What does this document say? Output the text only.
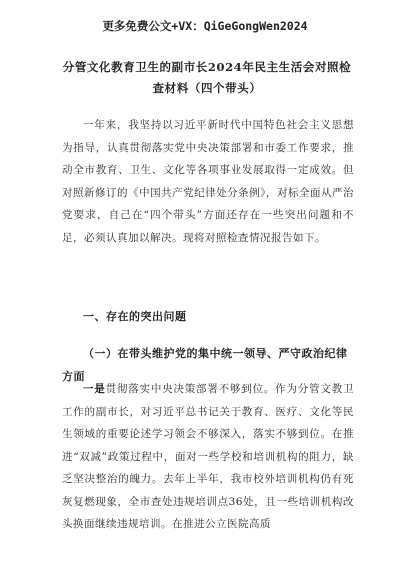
更多免费公文+VX：QiGeGongWen2024
分管文化教育卫生的副市长2024年民主生活会对照检查材料（四个带头）
一年来，我坚持以习近平新时代中国特色社会主义思想为指导，认真贯彻落实党中央决策部署和市委工作要求，推动全市教育、卫生、文化等各项事业发展取得一定成效。但对照新修订的《中国共产党纪律处分条例》，对标全面从严治党要求，自己在“四个带头”方面还存在一些突出问题和不足，必须认真加以解决。现将对照检查情况报告如下。
一、存在的突出问题
（一）在带头维护党的集中统一领导、严守政治纪律方面
一是贯彻落实中央决策部署不够到位。作为分管文教卫工作的副市长，对习近平总书记关于教育、医疗、文化等民生领域的重要论述学习领会不够深入，落实不够到位。在推进“双减”政策过程中，面对一些学校和培训机构的阻力，缺乏坚决整治的魄力。去年上半年，我市校外培训机构仍有死灰复燃现象，全市查处违规培训点36处，且一些培训机构改头换面继续违规培训。在推进公立医院高质
